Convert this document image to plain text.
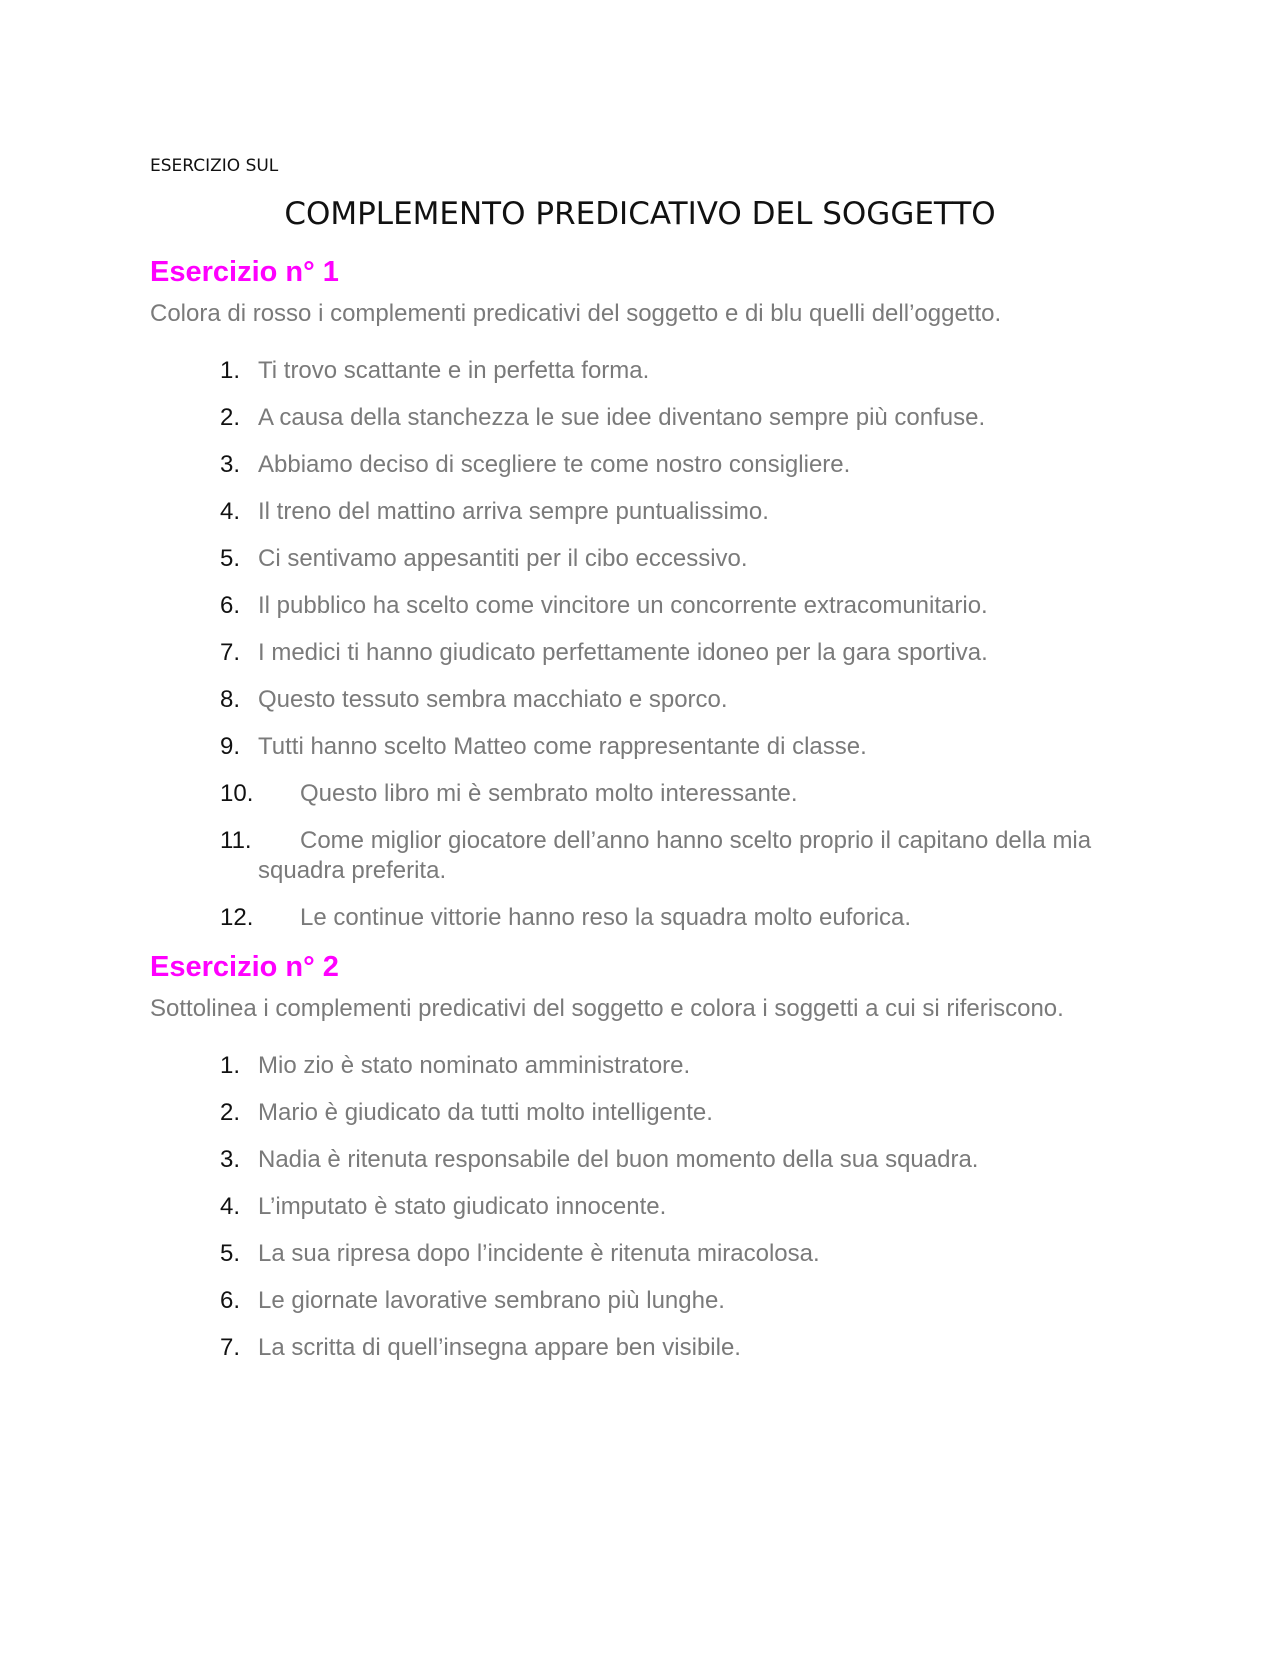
ESERCIZIO SUL

COMPLEMENTO PREDICATIVO DEL SOGGETTO
Esercizio n° 1

Colora di rosso i complementi predicativi del soggetto e di blu quelli dell’oggetto.

1. Ti trovo scattante e in perfetta forma.
2. A causa della stanchezza le sue idee diventano sempre più confuse.
3. Abbiamo deciso di scegliere te come nostro consigliere.
4. Il treno del mattino arriva sempre puntualissimo.
5. Ci sentivamo appesantiti per il cibo eccessivo.
6. Il pubblico ha scelto come vincitore un concorrente extracomunitario.
7. I medici ti hanno giudicato perfettamente idoneo per la gara sportiva.
8. Questo tessuto sembra macchiato e sporco.
9. Tutti hanno scelto Matteo come rappresentante di classe.
10. Questo libro mi è sembrato molto interessante.
11. Come miglior giocatore dell’anno hanno scelto proprio il capitano della mia squadra preferita.
12. Le continue vittorie hanno reso la squadra molto euforica.
Esercizio n° 2

Sottolinea i complementi predicativi del soggetto e colora i soggetti a cui si riferiscono.

1. Mio zio è stato nominato amministratore.
2. Mario è giudicato da tutti molto intelligente.
3. Nadia è ritenuta responsabile del buon momento della sua squadra.
4. L’imputato è stato giudicato innocente.
5. La sua ripresa dopo l’incidente è ritenuta miracolosa.
6. Le giornate lavorative sembrano più lunghe.
7. La scritta di quell’insegna appare ben visibile.
